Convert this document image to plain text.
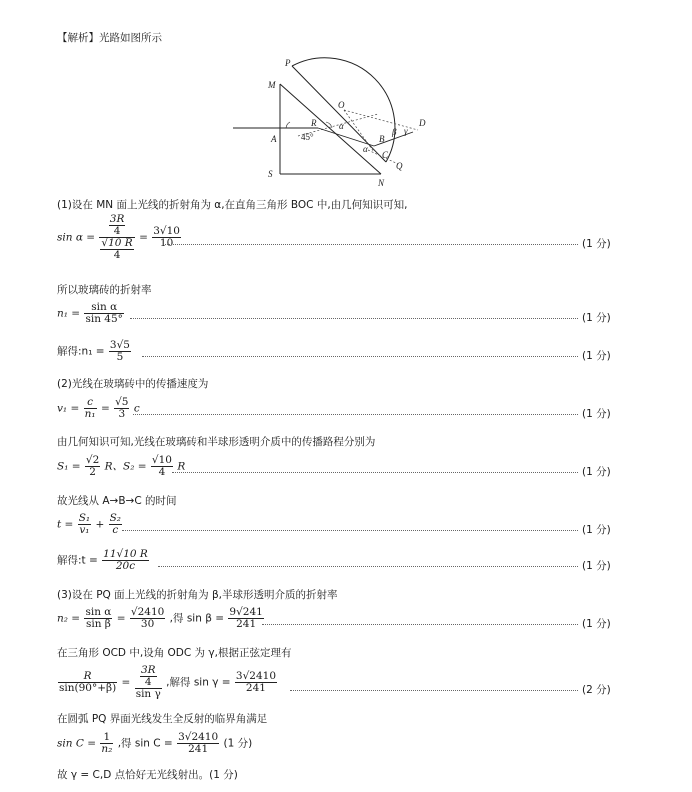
【解析】光路如图所示
P
M
O
D
A
R	α
45°	β γ
B
α
C
Q
S
N
(1)设在 MN 面上光线的折射角为 α,在直角三角形 BOC 中,由几何知识可知,
$\sin \alpha = \frac{\frac{3R}{4}}{\frac{√10 R}{4}} = \frac{3√10}{10}$	(1 分)
所以玻璃砖的折射率
$n_1 = \frac{\text{sin α}}{\sin 45^\circ}$	(1 分)
解得:n₁ = $\frac{3√5}{5}$	(1 分)
(2)光线在玻璃砖中的传播速度为
$v_1 = \frac{c}{\text{n₁}} = \frac{√5}{3}$ c	(1 分)
由几何知识可知,光线在玻璃砖和半球形透明介质中的传播路程分别为
$S_1 = \frac{√2}{2}$ R、$S_2 = \frac{√10}{4}$ R	(1 分)
故光线从 A→B→C 的时间
$t = \frac{\text{S₁}}{\text{v₁}} + \frac{\text{S₂}}{c}$	(1 分)
解得:t = $\frac{11√10 R}{20c}$	(1 分)
(3)设在 PQ 面上光线的折射角为 β,半球形透明介质的折射率
$n_2 = \frac{\text{sin α}}{\text{sin β}} = \frac{√2410}{30}$ ,得 $\sin \beta = \frac{9√241}{241}$	(1 分)
在三角形 OCD 中,设角 ODC 为 γ,根据正弦定理有
$\frac{R}{\sin(90^\circ+\beta)} = \frac{\frac{3R}{4}}{\text{sin γ}}$ ,解得 $\sin \gamma = \frac{3√2410}{241}$	(2 分)
在圆弧 PQ 界面光线发生全反射的临界角满足
$\sin C = \frac{1}{\text{n₂}}$ ,得 $\sin C = \frac{3√2410}{241} (1$ 分)
故 γ = C,D 点恰好无光线射出。(1 分)
